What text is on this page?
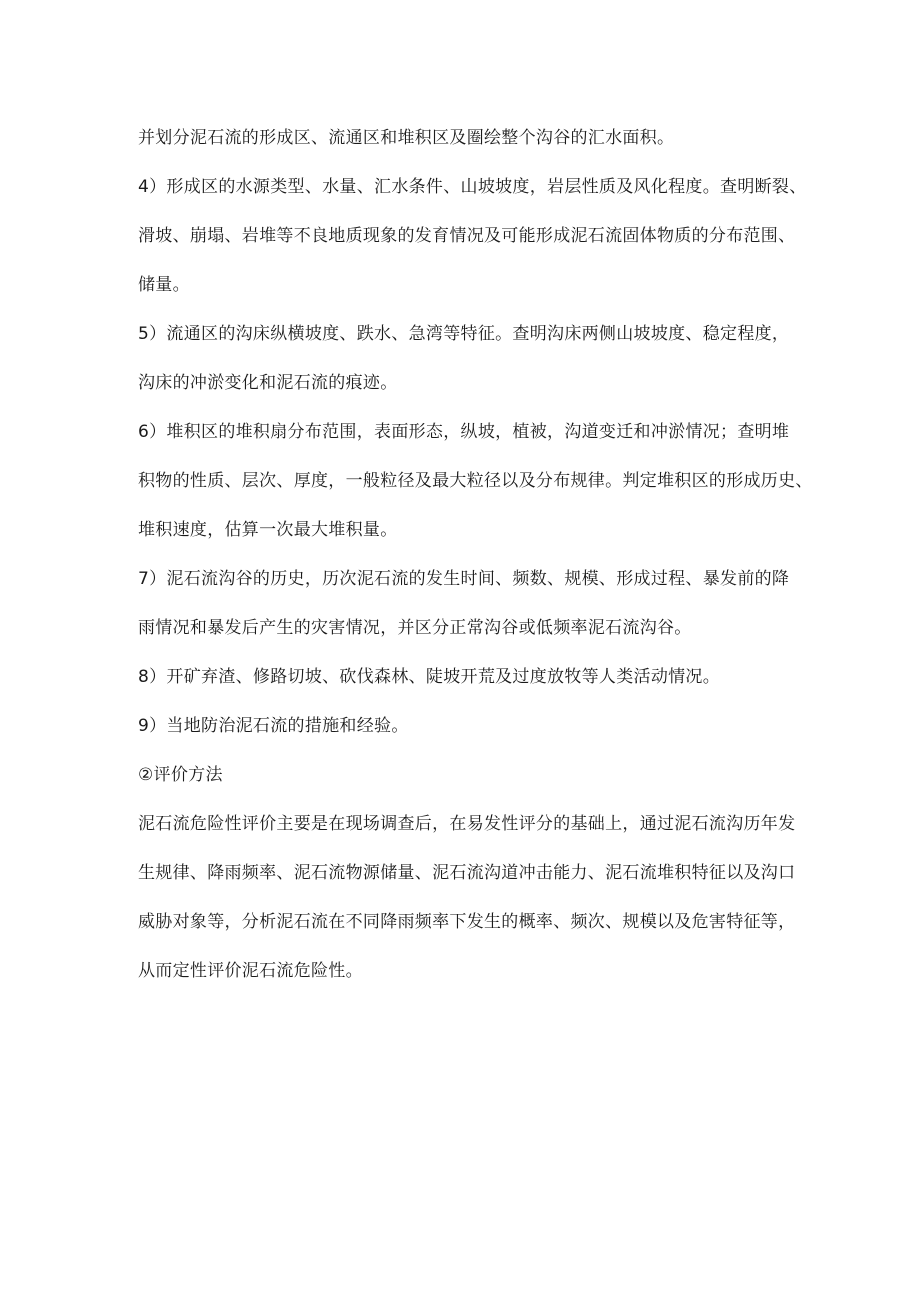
并划分泥石流的形成区、流通区和堆积区及圈绘整个沟谷的汇水面积。
4）形成区的水源类型、水量、汇水条件、山坡坡度，岩层性质及风化程度。查明断裂、
滑坡、崩塌、岩堆等不良地质现象的发育情况及可能形成泥石流固体物质的分布范围、
储量。
5）流通区的沟床纵横坡度、跌水、急湾等特征。查明沟床两侧山坡坡度、稳定程度，
沟床的冲淤变化和泥石流的痕迹。
6）堆积区的堆积扇分布范围，表面形态，纵坡，植被，沟道变迁和冲淤情况；查明堆
积物的性质、层次、厚度，一般粒径及最大粒径以及分布规律。判定堆积区的形成历史、
堆积速度，估算一次最大堆积量。
7）泥石流沟谷的历史，历次泥石流的发生时间、频数、规模、形成过程、暴发前的降
雨情况和暴发后产生的灾害情况，并区分正常沟谷或低频率泥石流沟谷。
8）开矿弃渣、修路切坡、砍伐森林、陡坡开荒及过度放牧等人类活动情况。
9）当地防治泥石流的措施和经验。
②评价方法
泥石流危险性评价主要是在现场调查后，在易发性评分的基础上，通过泥石流沟历年发
生规律、降雨频率、泥石流物源储量、泥石流沟道冲击能力、泥石流堆积特征以及沟口
威胁对象等，分析泥石流在不同降雨频率下发生的概率、频次、规模以及危害特征等，
从而定性评价泥石流危险性。
